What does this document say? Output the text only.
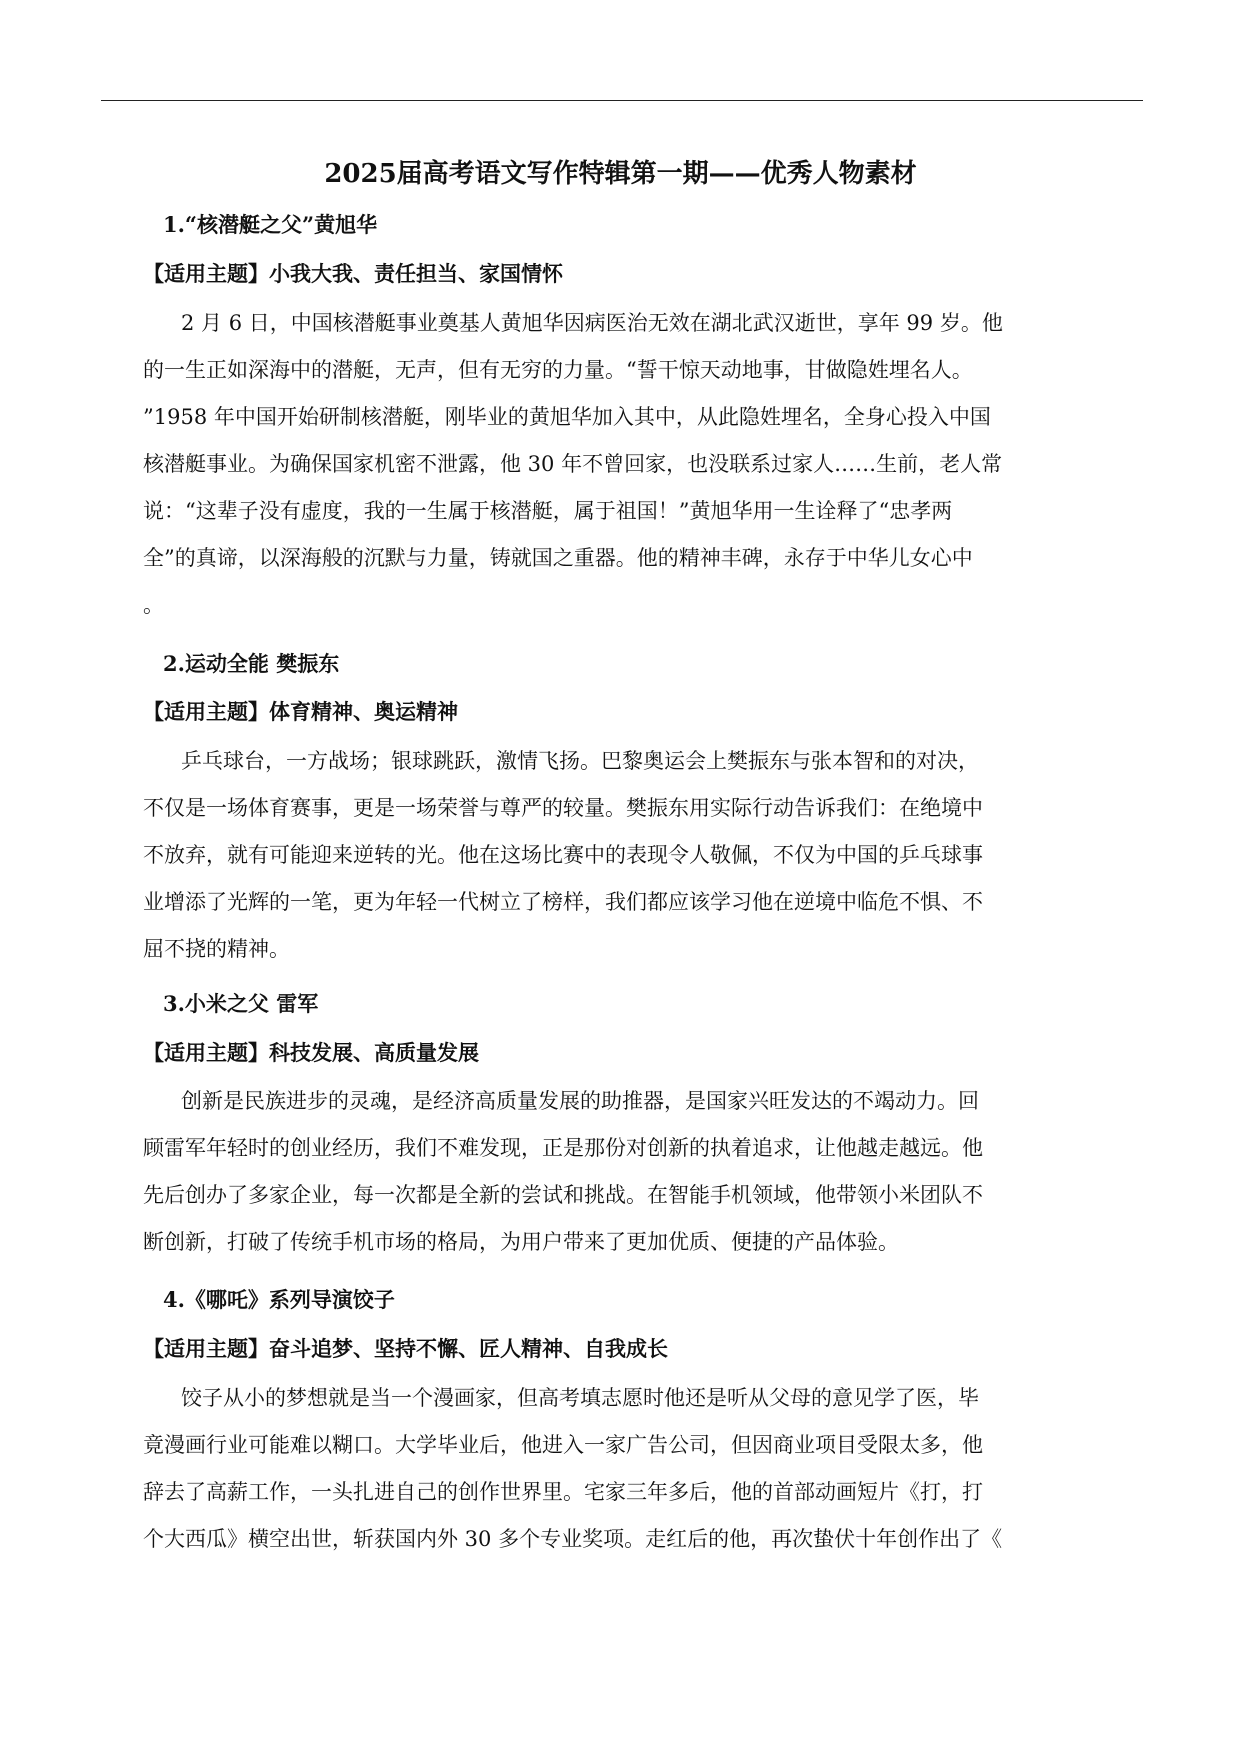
2025届高考语文写作特辑第一期——优秀人物素材
1.“核潜艇之父”黄旭华
【适用主题】小我大我、责任担当、家国情怀
2 月 6 日，中国核潜艇事业奠基人黄旭华因病医治无效在湖北武汉逝世，享年 99 岁。他
的一生正如深海中的潜艇，无声，但有无穷的力量。“誓干惊天动地事，甘做隐姓埋名人。
”1958 年中国开始研制核潜艇，刚毕业的黄旭华加入其中，从此隐姓埋名，全身心投入中国
核潜艇事业。为确保国家机密不泄露，他 30 年不曾回家，也没联系过家人……生前，老人常
说：“这辈子没有虚度，我的一生属于核潜艇，属于祖国！”黄旭华用一生诠释了“忠孝两
全”的真谛，以深海般的沉默与力量，铸就国之重器。他的精神丰碑，永存于中华儿女心中
。
2.运动全能 樊振东
【适用主题】体育精神、奥运精神
乒乓球台，一方战场；银球跳跃，激情飞扬。巴黎奥运会上樊振东与张本智和的对决，
不仅是一场体育赛事，更是一场荣誉与尊严的较量。樊振东用实际行动告诉我们：在绝境中
不放弃，就有可能迎来逆转的光。他在这场比赛中的表现令人敬佩，不仅为中国的乒乓球事
业增添了光辉的一笔，更为年轻一代树立了榜样，我们都应该学习他在逆境中临危不惧、不
屈不挠的精神。
3.小米之父 雷军
【适用主题】科技发展、高质量发展
创新是民族进步的灵魂，是经济高质量发展的助推器，是国家兴旺发达的不竭动力。回
顾雷军年轻时的创业经历，我们不难发现，正是那份对创新的执着追求，让他越走越远。他
先后创办了多家企业，每一次都是全新的尝试和挑战。在智能手机领域，他带领小米团队不
断创新，打破了传统手机市场的格局，为用户带来了更加优质、便捷的产品体验。
4.《哪吒》系列导演饺子
【适用主题】奋斗追梦、坚持不懈、匠人精神、自我成长
饺子从小的梦想就是当一个漫画家，但高考填志愿时他还是听从父母的意见学了医，毕
竟漫画行业可能难以糊口。大学毕业后，他进入一家广告公司，但因商业项目受限太多，他
辞去了高薪工作，一头扎进自己的创作世界里。宅家三年多后，他的首部动画短片《打，打
个大西瓜》横空出世，斩获国内外 30 多个专业奖项。走红后的他，再次蛰伏十年创作出了《
